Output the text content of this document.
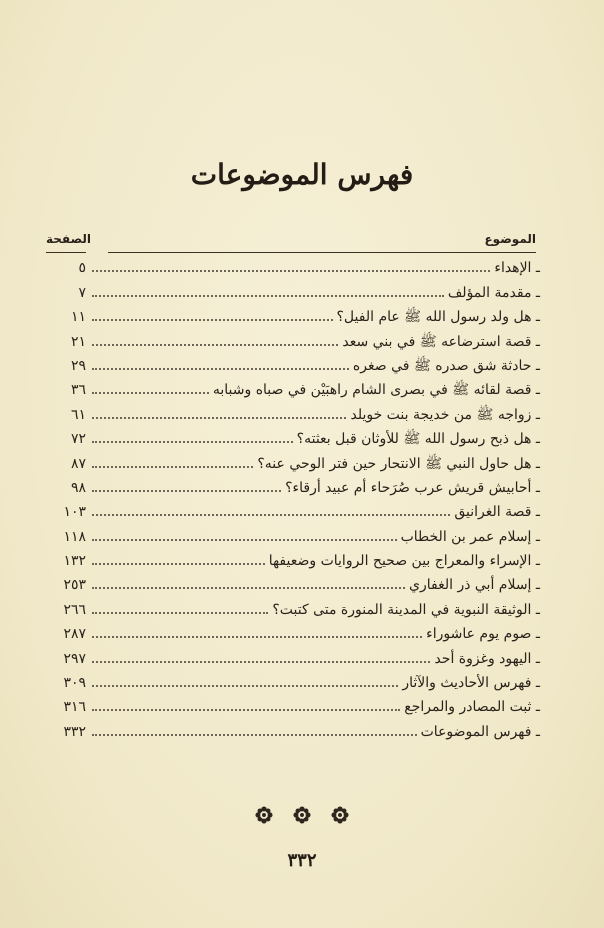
فهرس الموضوعات
الموضوع
الصفحة
ـ الإهداء
٥
ـ مقدمة المؤلف
٧
ـ هل ولد رسول الله ﷺ عام الفيل؟
١١
ـ قصة استرضاعه ﷺ في بني سعد
٢١
ـ حادثة شق صدره ﷺ في صغره
٢٩
ـ قصة لقائه ﷺ في بصرى الشام راهبَيْن في صباه وشبابه
٣٦
ـ زواجه ﷺ من خديجة بنت خويلد
٦١
ـ هل ذبح رسول الله ﷺ للأوثان قبل بعثته؟
٧٢
ـ هل حاول النبي ﷺ الانتحار حين فتر الوحي عنه؟
٨٧
ـ أحابيش قريش عرب صُرَحاء أم عبيد أرقاء؟
٩٨
ـ قصة الغرانيق
١٠٣
ـ إسلام عمر بن الخطاب
١١٨
ـ الإسراء والمعراج بين صحيح الروايات وضعيفها
١٣٢
ـ إسلام أبي ذر الغفاري
٢٥٣
ـ الوثيقة النبوية في المدينة المنورة متى كتبت؟
٢٦٦
ـ صوم يوم عاشوراء
٢٨٧
ـ اليهود وغزوة أحد
٢٩٧
ـ فهرس الأحاديث والآثار
٣٠٩
ـ ثبت المصادر والمراجع
٣١٦
ـ فهرس الموضوعات
٣٣٢
٣٣٢
